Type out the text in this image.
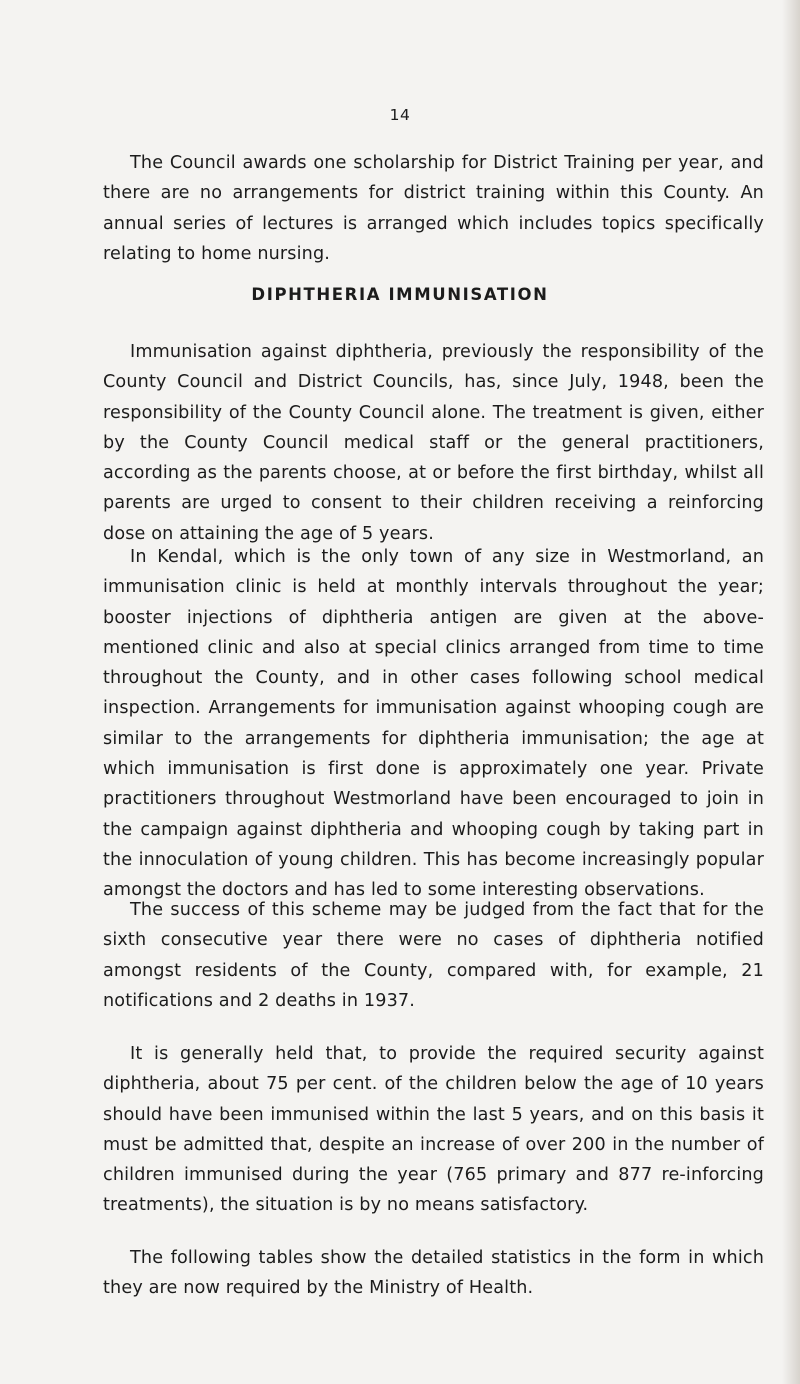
14

The Council awards one scholarship for District Training per year, and there are no arrangements for district training within this County. An annual series of lectures is arranged which includes topics specifically relating to home nursing.

DIPHTHERIA IMMUNISATION

Immunisation against diphtheria, previously the responsibility of the County Council and District Councils, has, since July, 1948, been the responsibility of the County Council alone. The treatment is given, either by the County Council medical staff or the general practitioners, according as the parents choose, at or before the first birthday, whilst all parents are urged to consent to their children receiving a reinforcing dose on attaining the age of 5 years.

In Kendal, which is the only town of any size in Westmorland, an immunisation clinic is held at monthly intervals throughout the year; booster injections of diphtheria antigen are given at the above-mentioned clinic and also at special clinics arranged from time to time throughout the County, and in other cases following school medical inspection. Arrangements for immunisation against whooping cough are similar to the arrangements for diphtheria immunisation; the age at which immunisation is first done is approximately one year. Private practitioners throughout Westmorland have been encouraged to join in the campaign against diphtheria and whooping cough by taking part in the innoculation of young children. This has become increasingly popular amongst the doctors and has led to some interesting observations.

The success of this scheme may be judged from the fact that for the sixth consecutive year there were no cases of diphtheria notified amongst residents of the County, compared with, for example, 21 notifications and 2 deaths in 1937.

It is generally held that, to provide the required security against diphtheria, about 75 per cent. of the children below the age of 10 years should have been immunised within the last 5 years, and on this basis it must be admitted that, despite an increase of over 200 in the number of children immunised during the year (765 primary and 877 re-inforcing treatments), the situation is by no means satisfactory.

The following tables show the detailed statistics in the form in which they are now required by the Ministry of Health.
